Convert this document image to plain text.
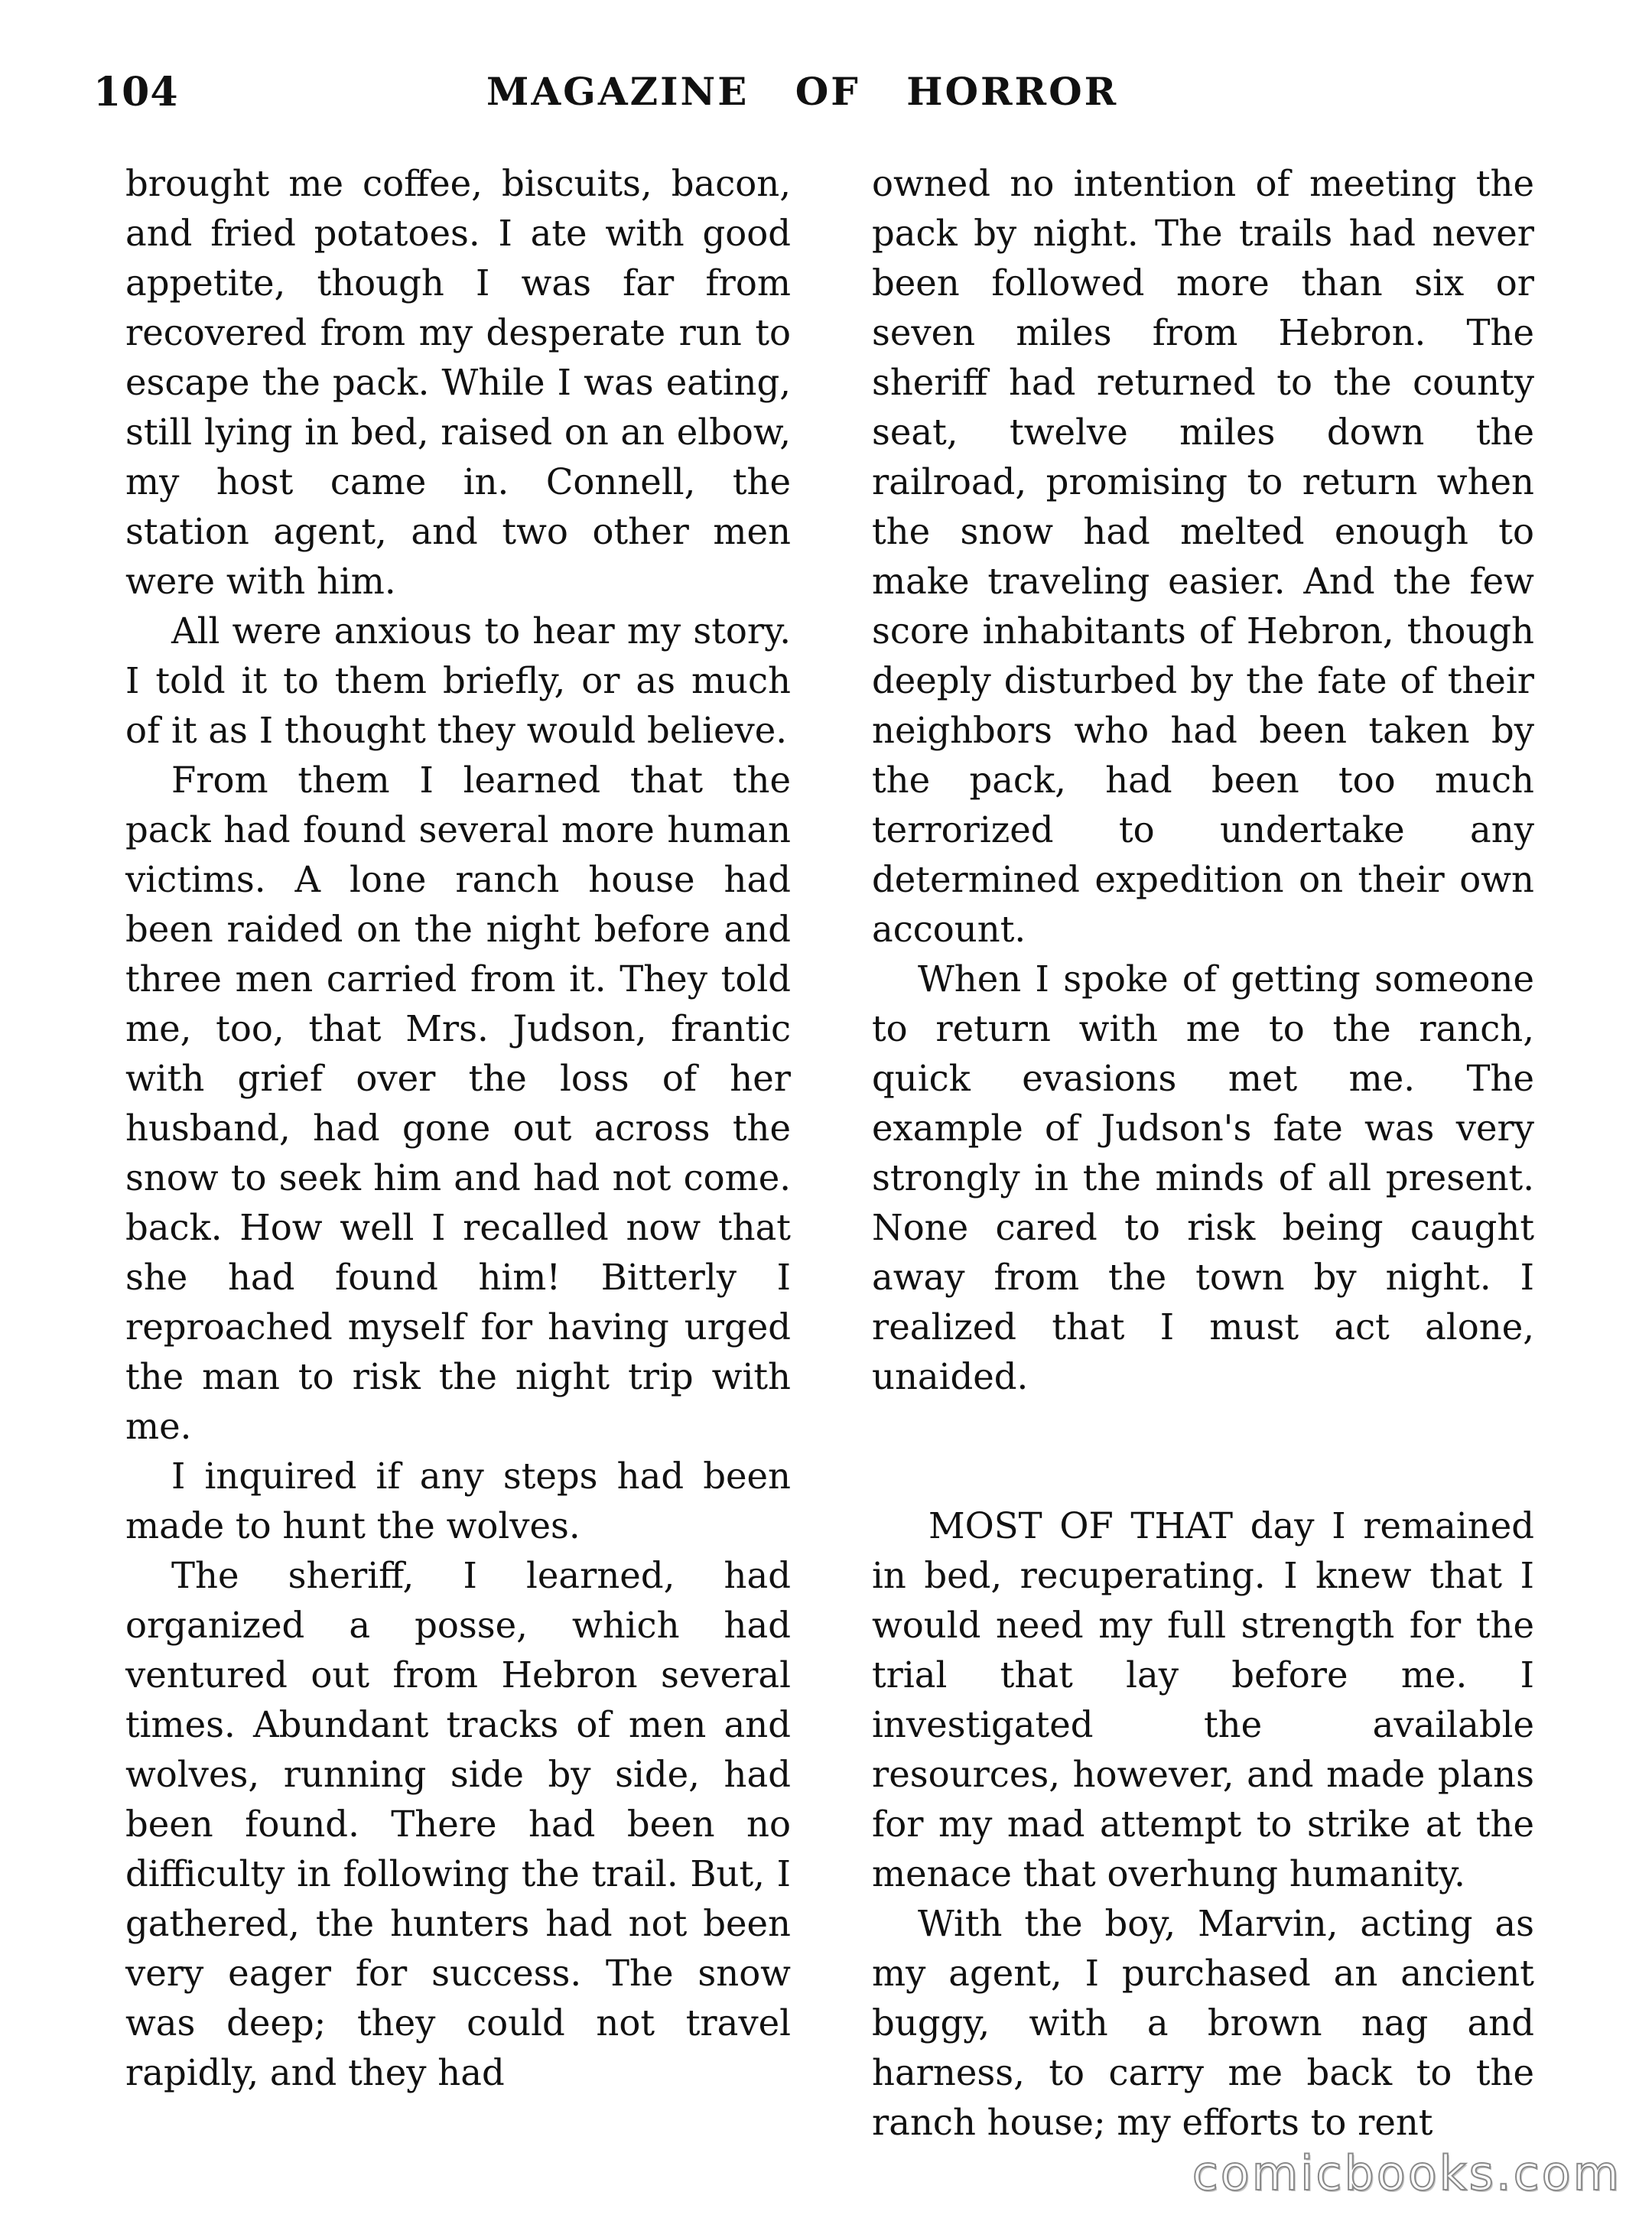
104	MAGAZINE OF HORROR

brought me coffee, biscuits, bacon, and fried potatoes. I ate with good appetite, though I was far from recovered from my desperate run to escape the pack. While I was eating, still lying in bed, raised on an elbow, my host came in. Connell, the station agent, and two other men were with him.

All were anxious to hear my story. I told it to them briefly, or as much of it as I thought they would believe.

From them I learned that the pack had found several more human victims. A lone ranch house had been raided on the night before and three men carried from it. They told me, too, that Mrs. Judson, frantic with grief over the loss of her husband, had gone out across the snow to seek him and had not come. back. How well I recalled now that she had found him! Bitterly I reproached myself for having urged the man to risk the night trip with me.

I inquired if any steps had been made to hunt the wolves.

The sheriff, I learned, had organized a posse, which had ventured out from Hebron several times. Abundant tracks of men and wolves, running side by side, had been found. There had been no difficulty in following the trail. But, I gathered, the hunters had not been very eager for success. The snow was deep; they could not travel rapidly, and they had

owned no intention of meeting the pack by night. The trails had never been followed more than six or seven miles from Hebron. The sheriff had returned to the county seat, twelve miles down the railroad, promising to return when the snow had melted enough to make traveling easier. And the few score inhabitants of Hebron, though deeply disturbed by the fate of their neighbors who had been taken by the pack, had been too much terrorized to undertake any determined expedition on their own account.

When I spoke of getting someone to return with me to the ranch, quick evasions met me. The example of Judson's fate was very strongly in the minds of all present. None cared to risk being caught away from the town by night. I realized that I must act alone, unaided.

MOST OF THAT day I remained in bed, recuperating. I knew that I would need my full strength for the trial that lay before me. I investigated the available resources, however, and made plans for my mad attempt to strike at the menace that overhung humanity.

With the boy, Marvin, acting as my agent, I purchased an ancient buggy, with a brown nag and harness, to carry me back to the ranch house; my efforts to rent

comicbooks.com
